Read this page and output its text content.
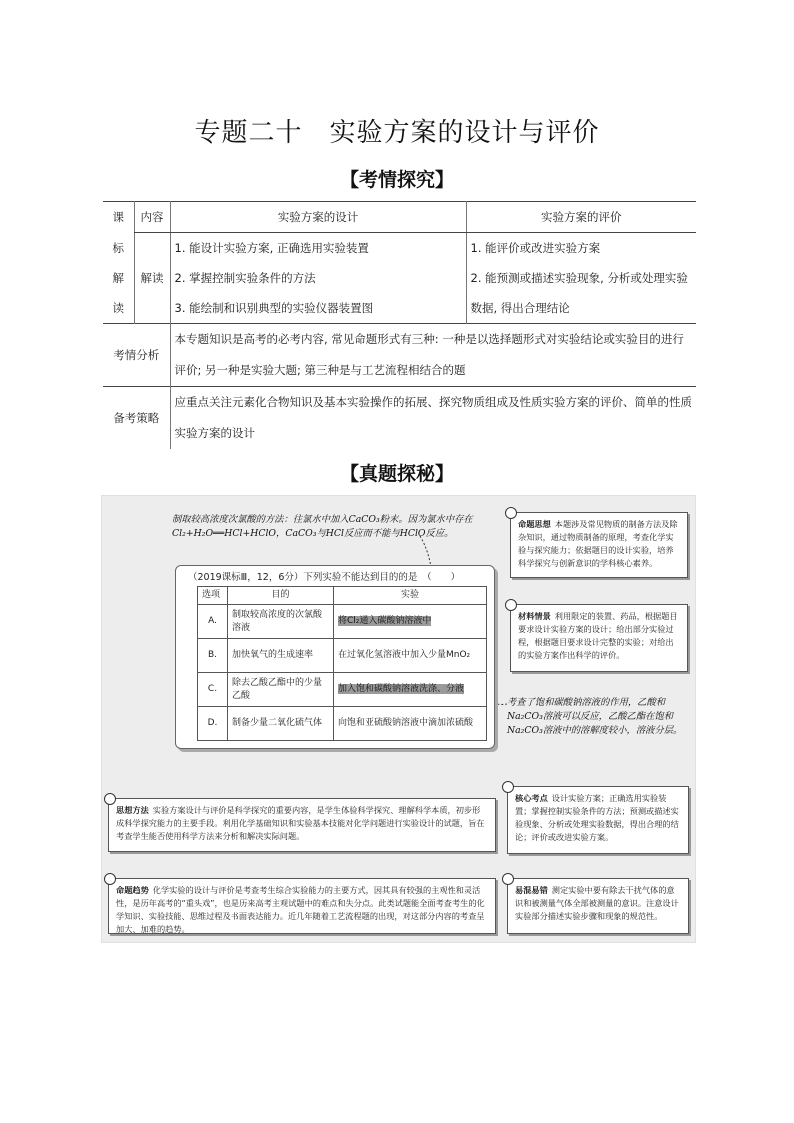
专题二十　实验方案的设计与评价
【考情探究】
课	内容	实验方案的设计	实验方案的评价
标	解读	1. 能设计实验方案, 正确选用实验装置	1. 能评价或改进实验方案
解		2. 掌握控制实验条件的方法	2. 能预测或描述实验现象, 分析或处理实验
读		3. 能绘制和识别典型的实验仪器装置图	数据, 得出合理结论
考情分析		本专题知识是高考的必考内容, 常见命题形式有三种: 一种是以选择题形式对实验结论或实验目的进行评价; 另一种是实验大题; 第三种是与工艺流程相结合的题	
备考策略		应重点关注元素化合物知识及基本实验操作的拓展、探究物质组成及性质实验方案的评价、简单的性质实验方案的设计	
【真题探秘】
制取较高浓度次氯酸的方法：往氯水中加入CaCO₃粉末。因为氯水中存在Cl₂+H₂O══HCl+HClO，CaCO₃与HCl反应而不能与HClO反应。
（2019课标Ⅲ，12，6分）下列实验不能达到目的的是　（　　）
选项	目的	实验
A.	制取较高浓度的次氯酸溶液	将Cl₂通入碳酸钠溶液中
B.	加快氧气的生成速率	在过氧化氢溶液中加入少量MnO₂
C.	除去乙酸乙酯中的少量乙酸	加入饱和碳酸钠溶液洗涤、分液
D.	制备少量二氧化硫气体	向饱和亚硫酸钠溶液中滴加浓硫酸
考查了饱和碳酸钠溶液的作用，乙酸和Na₂CO₃溶液可以反应，乙酸乙酯在饱和Na₂CO₃溶液中的溶解度较小，溶液分层。
命题思想 本题涉及常见物质的制备方法及除杂知识，通过物质制备的原理，考查化学实验与探究能力；依据题目的设计实验，培养科学探究与创新意识的学科核心素养。
材料情景 利用限定的装置、药品，根据题目要求设计实验方案的设计；给出部分实验过程，根据题目要求设计完整的实验；对给出的实验方案作出科学的评价。
核心考点 设计实验方案；正确选用实验装置；掌握控制实验条件的方法；预测或描述实验现象、分析或处理实验数据，得出合理的结论；评价或改进实验方案。
思想方法 实验方案设计与评价是科学探究的重要内容，是学生体验科学探究、理解科学本质，初步形成科学探究能力的主要手段。利用化学基础知识和实验基本技能对化学问题进行实验设计的试题，旨在考查学生能否使用科学方法来分析和解决实际问题。
命题趋势 化学实验的设计与评价是考查考生综合实验能力的主要方式，因其具有较强的主观性和灵活性，是历年高考的“重头戏”，也是历来高考主观试题中的难点和失分点。此类试题能全面考查考生的化学知识、实验技能、思维过程及书面表达能力。近几年随着工艺流程题的出现，对这部分内容的考查呈加大、加难的趋势。
易混易错 测定实验中要有除去干扰气体的意识和被测量气体全部被测量的意识。注意设计实验部分描述实验步骤和现象的规范性。
